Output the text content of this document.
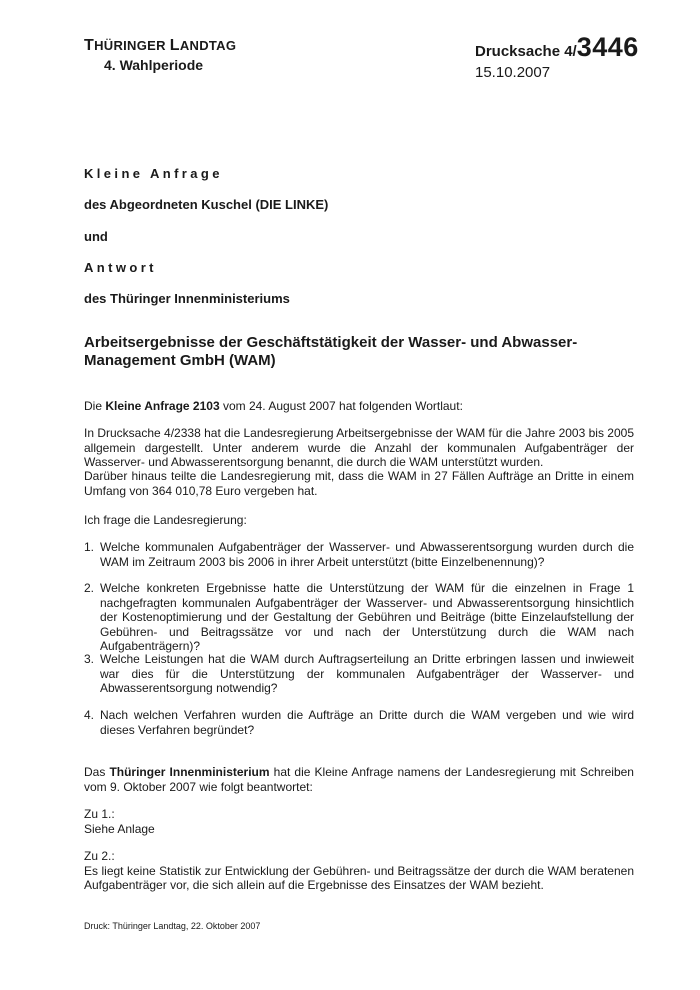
THÜRINGER LANDTAG
4. Wahlperiode
Drucksache 4/3446
15.10.2007
Kleine Anfrage
des Abgeordneten Kuschel (DIE LINKE)
und
Antwort
des Thüringer Innenministeriums
Arbeitsergebnisse der Geschäftstätigkeit der Wasser- und Abwasser-Management GmbH (WAM)
Die Kleine Anfrage 2103 vom 24. August 2007 hat folgenden Wortlaut:
In Drucksache 4/2338 hat die Landesregierung Arbeitsergebnisse der WAM für die Jahre 2003 bis 2005 allgemein dargestellt. Unter anderem wurde die Anzahl der kommunalen Aufgabenträger der Wasserver- und Abwasserentsorgung benannt, die durch die WAM unterstützt wurden.
Darüber hinaus teilte die Landesregierung mit, dass die WAM in 27 Fällen Aufträge an Dritte in einem Umfang von 364 010,78 Euro vergeben hat.
Ich frage die Landesregierung:
1. Welche kommunalen Aufgabenträger der Wasserver- und Abwasserentsorgung wurden durch die WAM im Zeitraum 2003 bis 2006 in ihrer Arbeit unterstützt (bitte Einzelbenennung)?
2. Welche konkreten Ergebnisse hatte die Unterstützung der WAM für die einzelnen in Frage 1 nachgefragten kommunalen Aufgabenträger der Wasserver- und Abwasserentsorgung hinsichtlich der Kostenoptimierung und der Gestaltung der Gebühren und Beiträge (bitte Einzelaufstellung der Gebühren- und Beitragssätze vor und nach der Unterstützung durch die WAM nach Aufgabenträgern)?
3. Welche Leistungen hat die WAM durch Auftragserteilung an Dritte erbringen lassen und inwieweit war dies für die Unterstützung der kommunalen Aufgabenträger der Wasserver- und Abwasserentsorgung notwendig?
4. Nach welchen Verfahren wurden die Aufträge an Dritte durch die WAM vergeben und wie wird dieses Verfahren begründet?
Das Thüringer Innenministerium hat die Kleine Anfrage namens der Landesregierung mit Schreiben vom 9. Oktober 2007 wie folgt beantwortet:
Zu 1.:
Siehe Anlage
Zu 2.:
Es liegt keine Statistik zur Entwicklung der Gebühren- und Beitragssätze der durch die WAM beratenen Aufgabenträger vor, die sich allein auf die Ergebnisse des Einsatzes der WAM bezieht.
Druck: Thüringer Landtag, 22. Oktober 2007
